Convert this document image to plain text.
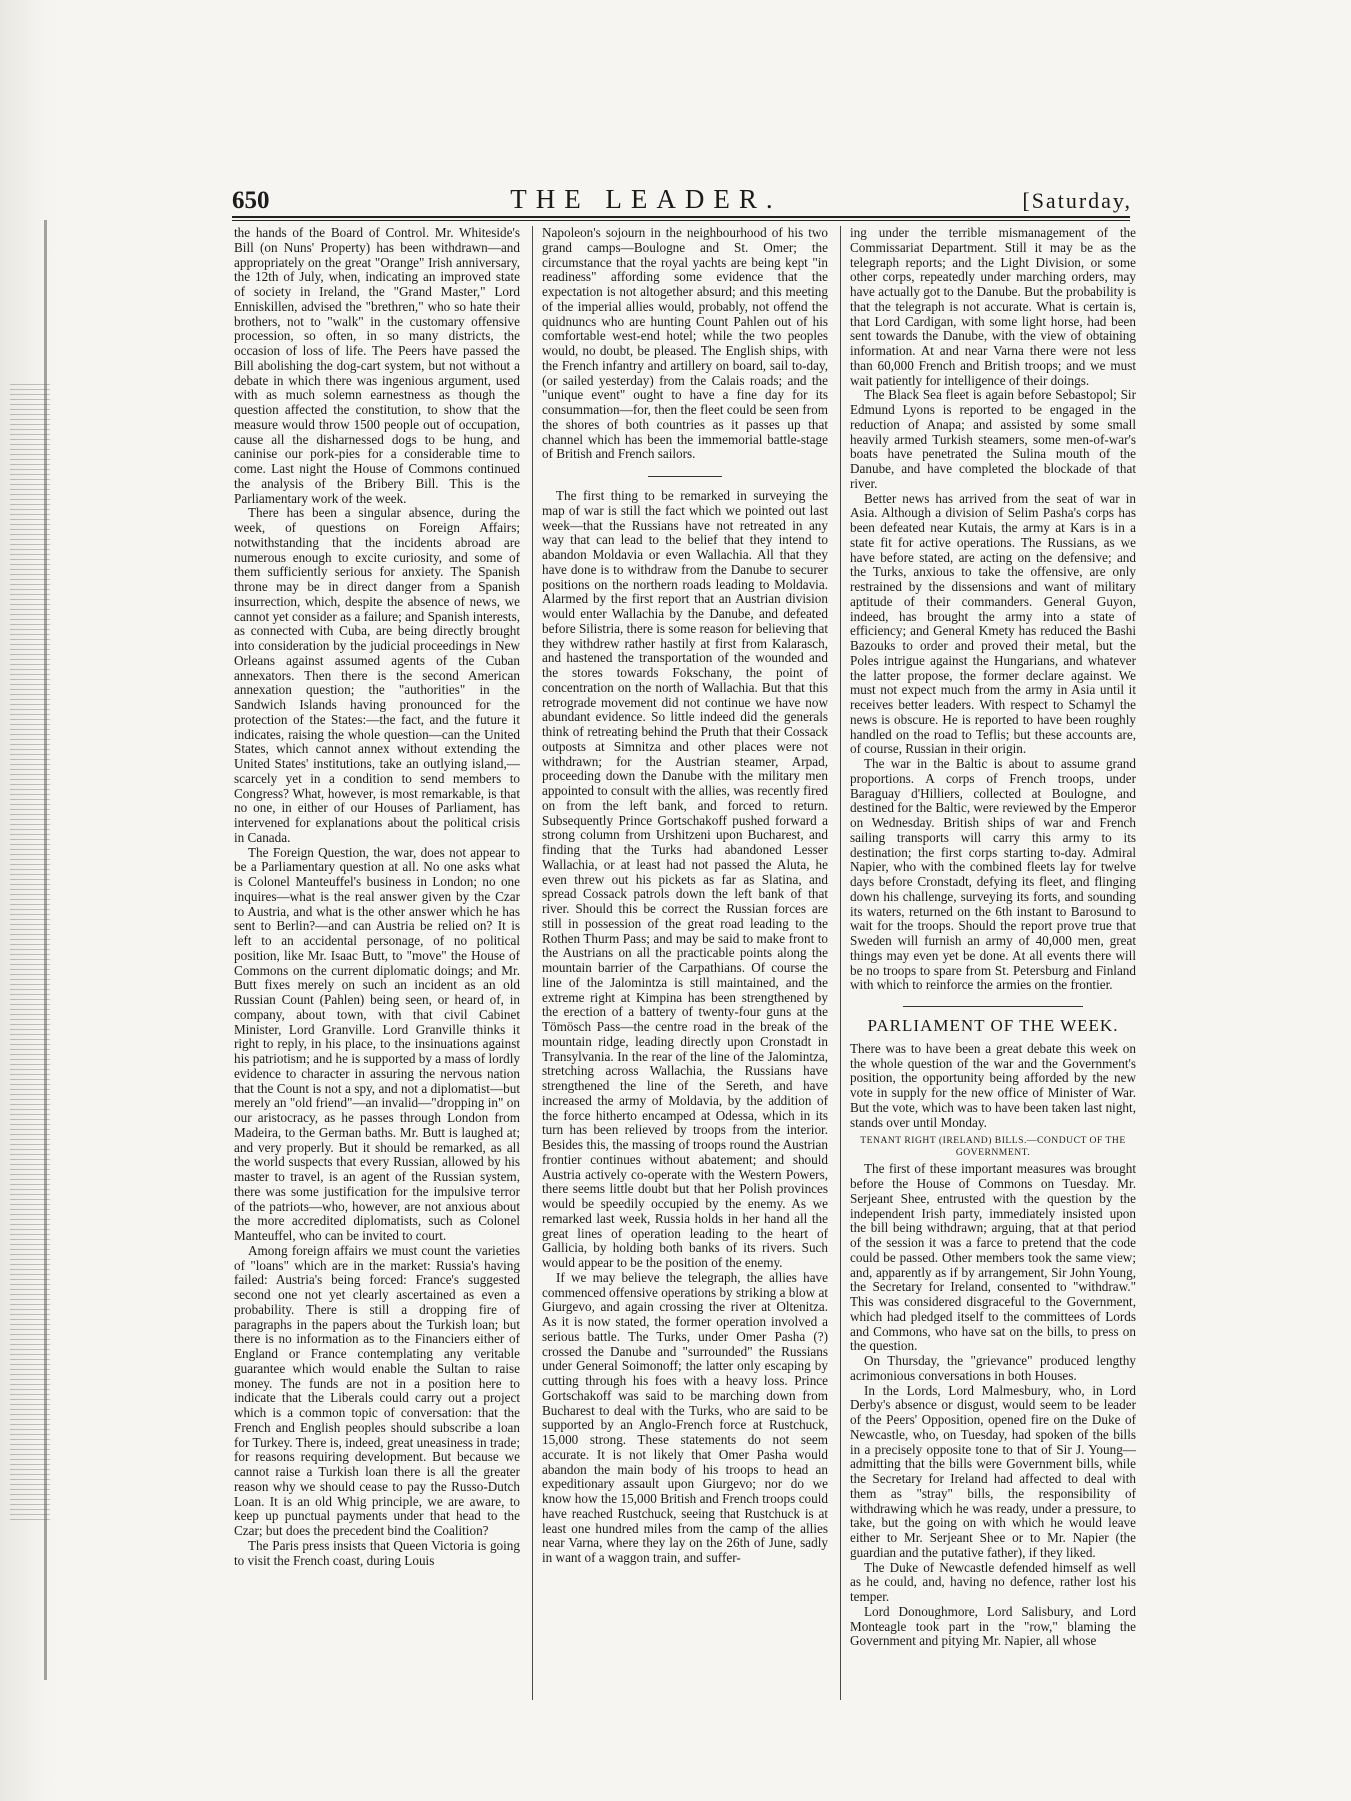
650	THE LEADER.	[Saturday,

the hands of the Board of Control. Mr. Whiteside's Bill (on Nuns' Property) has been withdrawn—and appropriately on the great "Orange" Irish anniversary, the 12th of July, when, indicating an improved state of society in Ireland, the "Grand Master," Lord Enniskillen, advised the "brethren," who so hate their brothers, not to "walk" in the customary offensive procession, so often, in so many districts, the occasion of loss of life. The Peers have passed the Bill abolishing the dog-cart system, but not without a debate in which there was ingenious argument, used with as much solemn earnestness as though the question affected the constitution, to show that the measure would throw 1500 people out of occupation, cause all the disharnessed dogs to be hung, and caninise our pork-pies for a considerable time to come. Last night the House of Commons continued the analysis of the Bribery Bill. This is the Parliamentary work of the week.

There has been a singular absence, during the week, of questions on Foreign Affairs; notwithstanding that the incidents abroad are numerous enough to excite curiosity, and some of them sufficiently serious for anxiety. The Spanish throne may be in direct danger from a Spanish insurrection, which, despite the absence of news, we cannot yet consider as a failure; and Spanish interests, as connected with Cuba, are being directly brought into consideration by the judicial proceedings in New Orleans against assumed agents of the Cuban annexators. Then there is the second American annexation question; the "authorities" in the Sandwich Islands having pronounced for the protection of the States:—the fact, and the future it indicates, raising the whole question—can the United States, which cannot annex without extending the United States' institutions, take an outlying island,—scarcely yet in a condition to send members to Congress? What, however, is most remarkable, is that no one, in either of our Houses of Parliament, has intervened for explanations about the political crisis in Canada.

The Foreign Question, the war, does not appear to be a Parliamentary question at all. No one asks what is Colonel Manteuffel's business in London; no one inquires—what is the real answer given by the Czar to Austria, and what is the other answer which he has sent to Berlin?—and can Austria be relied on? It is left to an accidental personage, of no political position, like Mr. Isaac Butt, to "move" the House of Commons on the current diplomatic doings; and Mr. Butt fixes merely on such an incident as an old Russian Count (Pahlen) being seen, or heard of, in company, about town, with that civil Cabinet Minister, Lord Granville. Lord Granville thinks it right to reply, in his place, to the insinuations against his patriotism; and he is supported by a mass of lordly evidence to character in assuring the nervous nation that the Count is not a spy, and not a diplomatist—but merely an "old friend"—an invalid—"dropping in" on our aristocracy, as he passes through London from Madeira, to the German baths. Mr. Butt is laughed at; and very properly. But it should be remarked, as all the world suspects that every Russian, allowed by his master to travel, is an agent of the Russian system, there was some justification for the impulsive terror of the patriots—who, however, are not anxious about the more accredited diplomatists, such as Colonel Manteuffel, who can be invited to court.

Among foreign affairs we must count the varieties of "loans" which are in the market: Russia's having failed: Austria's being forced: France's suggested second one not yet clearly ascertained as even a probability. There is still a dropping fire of paragraphs in the papers about the Turkish loan; but there is no information as to the Financiers either of England or France contemplating any veritable guarantee which would enable the Sultan to raise money. The funds are not in a position here to indicate that the Liberals could carry out a project which is a common topic of conversation: that the French and English peoples should subscribe a loan for Turkey. There is, indeed, great uneasiness in trade; for reasons requiring development. But because we cannot raise a Turkish loan there is all the greater reason why we should cease to pay the Russo-Dutch Loan. It is an old Whig principle, we are aware, to keep up punctual payments under that head to the Czar; but does the precedent bind the Coalition?

The Paris press insists that Queen Victoria is going to visit the French coast, during Louis

Napoleon's sojourn in the neighbourhood of his two grand camps—Boulogne and St. Omer; the circumstance that the royal yachts are being kept "in readiness" affording some evidence that the expectation is not altogether absurd; and this meeting of the imperial allies would, probably, not offend the quidnuncs who are hunting Count Pahlen out of his comfortable west-end hotel; while the two peoples would, no doubt, be pleased. The English ships, with the French infantry and artillery on board, sail to-day, (or sailed yesterday) from the Calais roads; and the "unique event" ought to have a fine day for its consummation—for, then the fleet could be seen from the shores of both countries as it passes up that channel which has been the immemorial battle-stage of British and French sailors.

The first thing to be remarked in surveying the map of war is still the fact which we pointed out last week—that the Russians have not retreated in any way that can lead to the belief that they intend to abandon Moldavia or even Wallachia. All that they have done is to withdraw from the Danube to securer positions on the northern roads leading to Moldavia. Alarmed by the first report that an Austrian division would enter Wallachia by the Danube, and defeated before Silistria, there is some reason for believing that they withdrew rather hastily at first from Kalarasch, and hastened the transportation of the wounded and the stores towards Fokschany, the point of concentration on the north of Wallachia. But that this retrograde movement did not continue we have now abundant evidence. So little indeed did the generals think of retreating behind the Pruth that their Cossack outposts at Simnitza and other places were not withdrawn; for the Austrian steamer, Arpad, proceeding down the Danube with the military men appointed to consult with the allies, was recently fired on from the left bank, and forced to return. Subsequently Prince Gortschakoff pushed forward a strong column from Urshitzeni upon Bucharest, and finding that the Turks had abandoned Lesser Wallachia, or at least had not passed the Aluta, he even threw out his pickets as far as Slatina, and spread Cossack patrols down the left bank of that river. Should this be correct the Russian forces are still in possession of the great road leading to the Rothen Thurm Pass; and may be said to make front to the Austrians on all the practicable points along the mountain barrier of the Carpathians. Of course the line of the Jalomintza is still maintained, and the extreme right at Kimpina has been strengthened by the erection of a battery of twenty-four guns at the Tömösch Pass—the centre road in the break of the mountain ridge, leading directly upon Cronstadt in Transylvania. In the rear of the line of the Jalomintza, stretching across Wallachia, the Russians have strengthened the line of the Sereth, and have increased the army of Moldavia, by the addition of the force hitherto encamped at Odessa, which in its turn has been relieved by troops from the interior. Besides this, the massing of troops round the Austrian frontier continues without abatement; and should Austria actively co-operate with the Western Powers, there seems little doubt but that her Polish provinces would be speedily occupied by the enemy. As we remarked last week, Russia holds in her hand all the great lines of operation leading to the heart of Gallicia, by holding both banks of its rivers. Such would appear to be the position of the enemy.

If we may believe the telegraph, the allies have commenced offensive operations by striking a blow at Giurgevo, and again crossing the river at Oltenitza. As it is now stated, the former operation involved a serious battle. The Turks, under Omer Pasha (?) crossed the Danube and "surrounded" the Russians under General Soimonoff; the latter only escaping by cutting through his foes with a heavy loss. Prince Gortschakoff was said to be marching down from Bucharest to deal with the Turks, who are said to be supported by an Anglo-French force at Rustchuck, 15,000 strong. These statements do not seem accurate. It is not likely that Omer Pasha would abandon the main body of his troops to head an expeditionary assault upon Giurgevo; nor do we know how the 15,000 British and French troops could have reached Rustchuck, seeing that Rustchuck is at least one hundred miles from the camp of the allies near Varna, where they lay on the 26th of June, sadly in want of a waggon train, and suffer-

ing under the terrible mismanagement of the Commissariat Department. Still it may be as the telegraph reports; and the Light Division, or some other corps, repeatedly under marching orders, may have actually got to the Danube. But the probability is that the telegraph is not accurate. What is certain is, that Lord Cardigan, with some light horse, had been sent towards the Danube, with the view of obtaining information. At and near Varna there were not less than 60,000 French and British troops; and we must wait patiently for intelligence of their doings.

The Black Sea fleet is again before Sebastopol; Sir Edmund Lyons is reported to be engaged in the reduction of Anapa; and assisted by some small heavily armed Turkish steamers, some men-of-war's boats have penetrated the Sulina mouth of the Danube, and have completed the blockade of that river.

Better news has arrived from the seat of war in Asia. Although a division of Selim Pasha's corps has been defeated near Kutais, the army at Kars is in a state fit for active operations. The Russians, as we have before stated, are acting on the defensive; and the Turks, anxious to take the offensive, are only restrained by the dissensions and want of military aptitude of their commanders. General Guyon, indeed, has brought the army into a state of efficiency; and General Kmety has reduced the Bashi Bazouks to order and proved their metal, but the Poles intrigue against the Hungarians, and whatever the latter propose, the former declare against. We must not expect much from the army in Asia until it receives better leaders. With respect to Schamyl the news is obscure. He is reported to have been roughly handled on the road to Teflis; but these accounts are, of course, Russian in their origin.

The war in the Baltic is about to assume grand proportions. A corps of French troops, under Baraguay d'Hilliers, collected at Boulogne, and destined for the Baltic, were reviewed by the Emperor on Wednesday. British ships of war and French sailing transports will carry this army to its destination; the first corps starting to-day. Admiral Napier, who with the combined fleets lay for twelve days before Cronstadt, defying its fleet, and flinging down his challenge, surveying its forts, and sounding its waters, returned on the 6th instant to Barosund to wait for the troops. Should the report prove true that Sweden will furnish an army of 40,000 men, great things may even yet be done. At all events there will be no troops to spare from St. Petersburg and Finland with which to reinforce the armies on the frontier.

PARLIAMENT OF THE WEEK.

There was to have been a great debate this week on the whole question of the war and the Government's position, the opportunity being afforded by the new vote in supply for the new office of Minister of War. But the vote, which was to have been taken last night, stands over until Monday.

TENANT RIGHT (IRELAND) BILLS.—CONDUCT OF THE GOVERNMENT.

The first of these important measures was brought before the House of Commons on Tuesday. Mr. Serjeant Shee, entrusted with the question by the independent Irish party, immediately insisted upon the bill being withdrawn; arguing, that at that period of the session it was a farce to pretend that the code could be passed. Other members took the same view; and, apparently as if by arrangement, Sir John Young, the Secretary for Ireland, consented to "withdraw." This was considered disgraceful to the Government, which had pledged itself to the committees of Lords and Commons, who have sat on the bills, to press on the question.

On Thursday, the "grievance" produced lengthy acrimonious conversations in both Houses.

In the Lords, Lord Malmesbury, who, in Lord Derby's absence or disgust, would seem to be leader of the Peers' Opposition, opened fire on the Duke of Newcastle, who, on Tuesday, had spoken of the bills in a precisely opposite tone to that of Sir J. Young—admitting that the bills were Government bills, while the Secretary for Ireland had affected to deal with them as "stray" bills, the responsibility of withdrawing which he was ready, under a pressure, to take, but the going on with which he would leave either to Mr. Serjeant Shee or to Mr. Napier (the guardian and the putative father), if they liked.

The Duke of Newcastle defended himself as well as he could, and, having no defence, rather lost his temper.

Lord Donoughmore, Lord Salisbury, and Lord Monteagle took part in the "row," blaming the Government and pitying Mr. Napier, all whose
